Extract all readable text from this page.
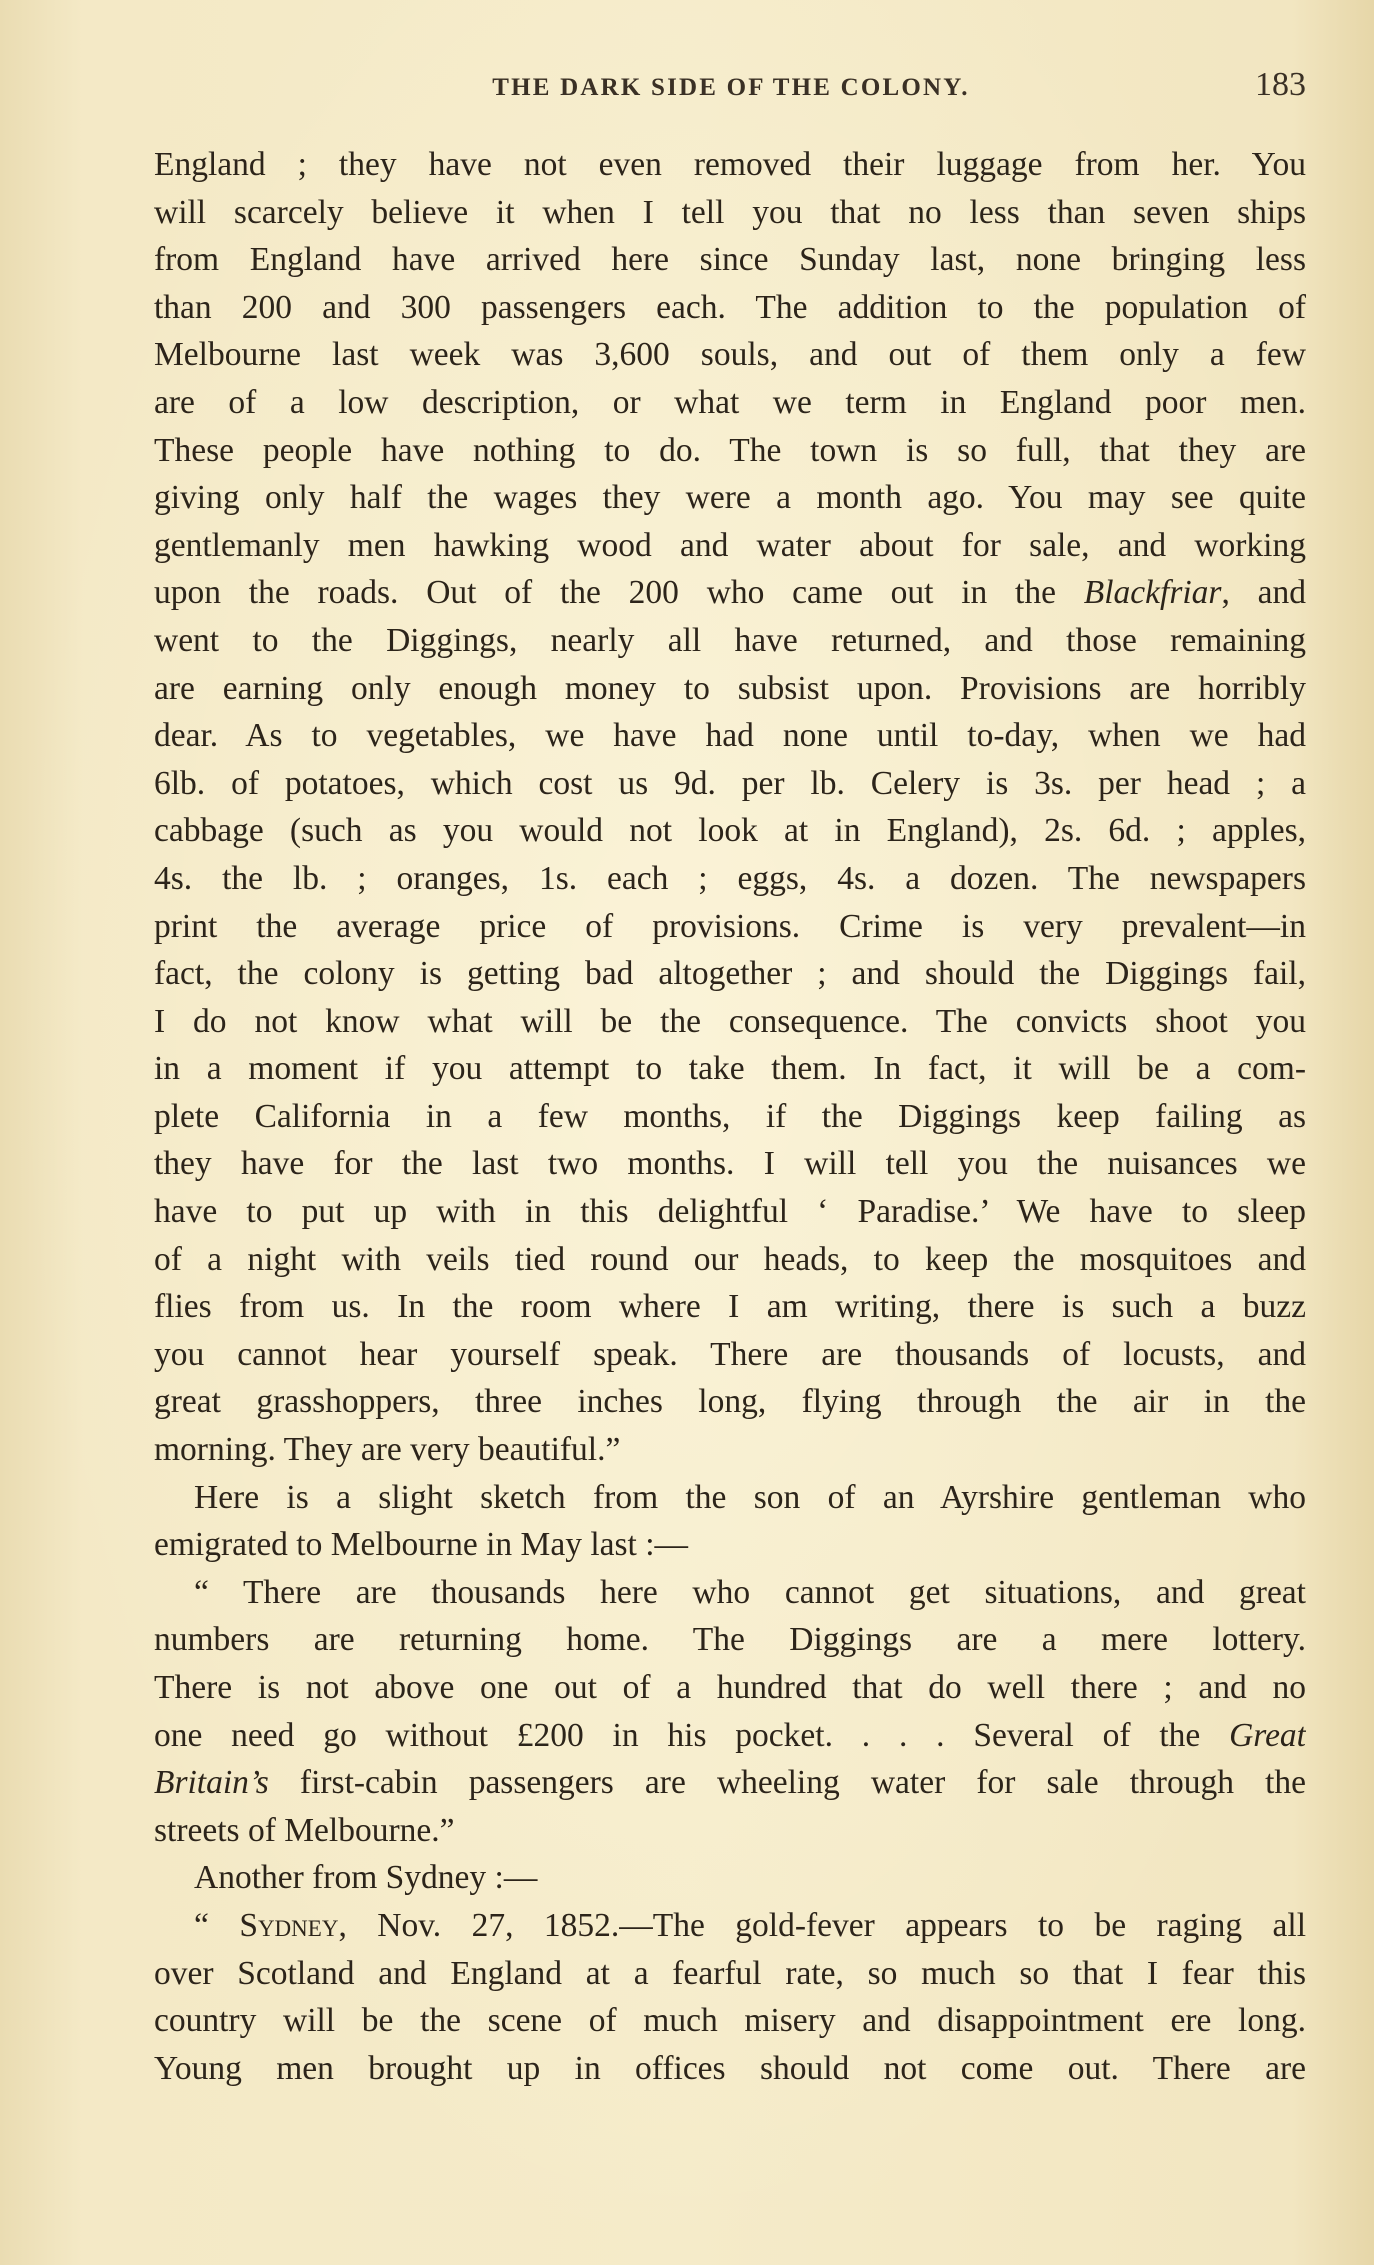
THE DARK SIDE OF THE COLONY.	183
England ; they have not even removed their luggage from her. You
will scarcely believe it when I tell you that no less than seven ships
from England have arrived here since Sunday last, none bringing less
than 200 and 300 passengers each. The addition to the population of
Melbourne last week was 3,600 souls, and out of them only a few
are of a low description, or what we term in England poor men.
These people have nothing to do. The town is so full, that they are
giving only half the wages they were a month ago. You may see quite
gentlemanly men hawking wood and water about for sale, and working
upon the roads. Out of the 200 who came out in the Blackfriar, and
went to the Diggings, nearly all have returned, and those remaining
are earning only enough money to subsist upon. Provisions are horribly
dear. As to vegetables, we have had none until to-day, when we had
6lb. of potatoes, which cost us 9d. per lb. Celery is 3s. per head ; a
cabbage (such as you would not look at in England), 2s. 6d. ; apples,
4s. the lb. ; oranges, 1s. each ; eggs, 4s. a dozen. The newspapers
print the average price of provisions. Crime is very prevalent—in
fact, the colony is getting bad altogether ; and should the Diggings fail,
I do not know what will be the consequence. The convicts shoot you
in a moment if you attempt to take them. In fact, it will be a com-
plete California in a few months, if the Diggings keep failing as
they have for the last two months. I will tell you the nuisances we
have to put up with in this delightful ‘ Paradise.’ We have to sleep
of a night with veils tied round our heads, to keep the mosquitoes and
flies from us. In the room where I am writing, there is such a buzz
you cannot hear yourself speak. There are thousands of locusts, and
great grasshoppers, three inches long, flying through the air in the
morning. They are very beautiful.”
Here is a slight sketch from the son of an Ayrshire gentleman who
emigrated to Melbourne in May last :—
“ There are thousands here who cannot get situations, and great
numbers are returning home. The Diggings are a mere lottery.
There is not above one out of a hundred that do well there ; and no
one need go without £200 in his pocket. . . . Several of the Great
Britain’s first-cabin passengers are wheeling water for sale through the
streets of Melbourne.”
Another from Sydney :—
“ Sydney, Nov. 27, 1852.—The gold-fever appears to be raging all
over Scotland and England at a fearful rate, so much so that I fear this
country will be the scene of much misery and disappointment ere long.
Young men brought up in offices should not come out. There are
